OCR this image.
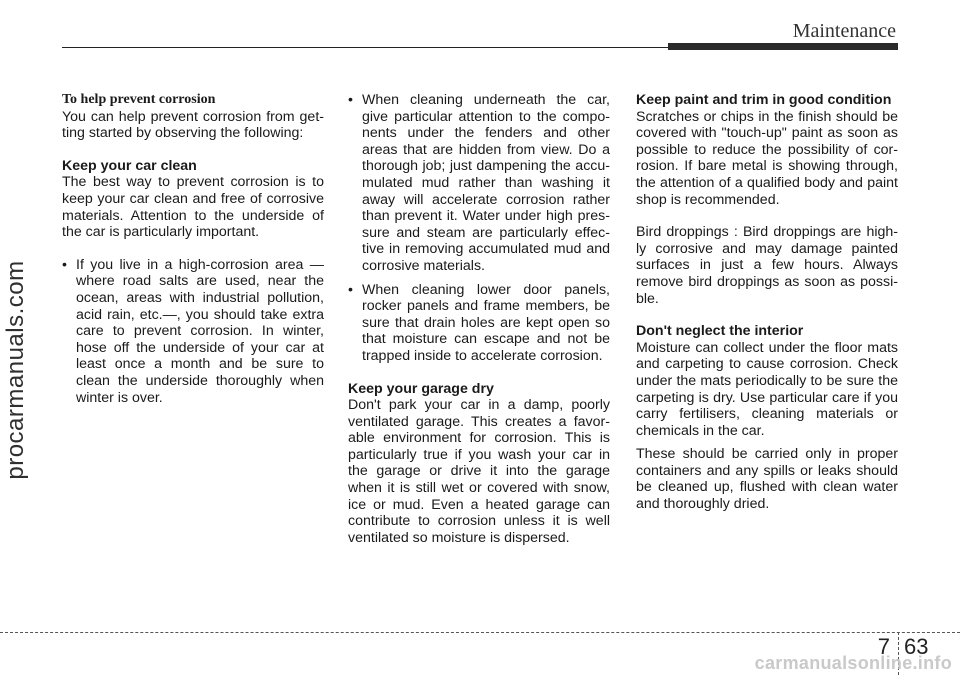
Maintenance
procarmanuals.com

To help prevent corrosion

You can help prevent corrosion from get- ting started by observing the following:

Keep your car clean

The best way to prevent corrosion is to keep your car clean and free of corrosive materials. Attention to the underside of the car is particularly important.

• If you live in a high-corrosion area — where road salts are used, near the ocean, areas with industrial pollution, acid rain, etc.—, you should take extra care to prevent corrosion. In winter, hose off the underside of your car at least once a month and be sure to clean the underside thoroughly when winter is over.

• When cleaning underneath the car, give particular attention to the compo- nents under the fenders and other areas that are hidden from view. Do a thorough job; just dampening the accu- mulated mud rather than washing it away will accelerate corrosion rather than prevent it. Water under high pres- sure and steam are particularly effec- tive in removing accumulated mud and corrosive materials.

• When cleaning lower door panels, rocker panels and frame members, be sure that drain holes are kept open so that moisture can escape and not be trapped inside to accelerate corrosion.

Keep your garage dry

Don't park your car in a damp, poorly ventilated garage. This creates a favor- able environment for corrosion. This is particularly true if you wash your car in the garage or drive it into the garage when it is still wet or covered with snow, ice or mud. Even a heated garage can contribute to corrosion unless it is well ventilated so moisture is dispersed.

Keep paint and trim in good condition

Scratches or chips in the finish should be covered with "touch-up" paint as soon as possible to reduce the possibility of cor- rosion. If bare metal is showing through, the attention of a qualified body and paint shop is recommended.

Bird droppings : Bird droppings are high- ly corrosive and may damage painted surfaces in just a few hours. Always remove bird droppings as soon as possi- ble.

Don't neglect the interior

Moisture can collect under the floor mats and carpeting to cause corrosion. Check under the mats periodically to be sure the carpeting is dry. Use particular care if you carry fertilisers, cleaning materials or chemicals in the car.

These should be carried only in proper containers and any spills or leaks should be cleaned up, flushed with clean water and thoroughly dried.

7 63
carmanualsonline.info
